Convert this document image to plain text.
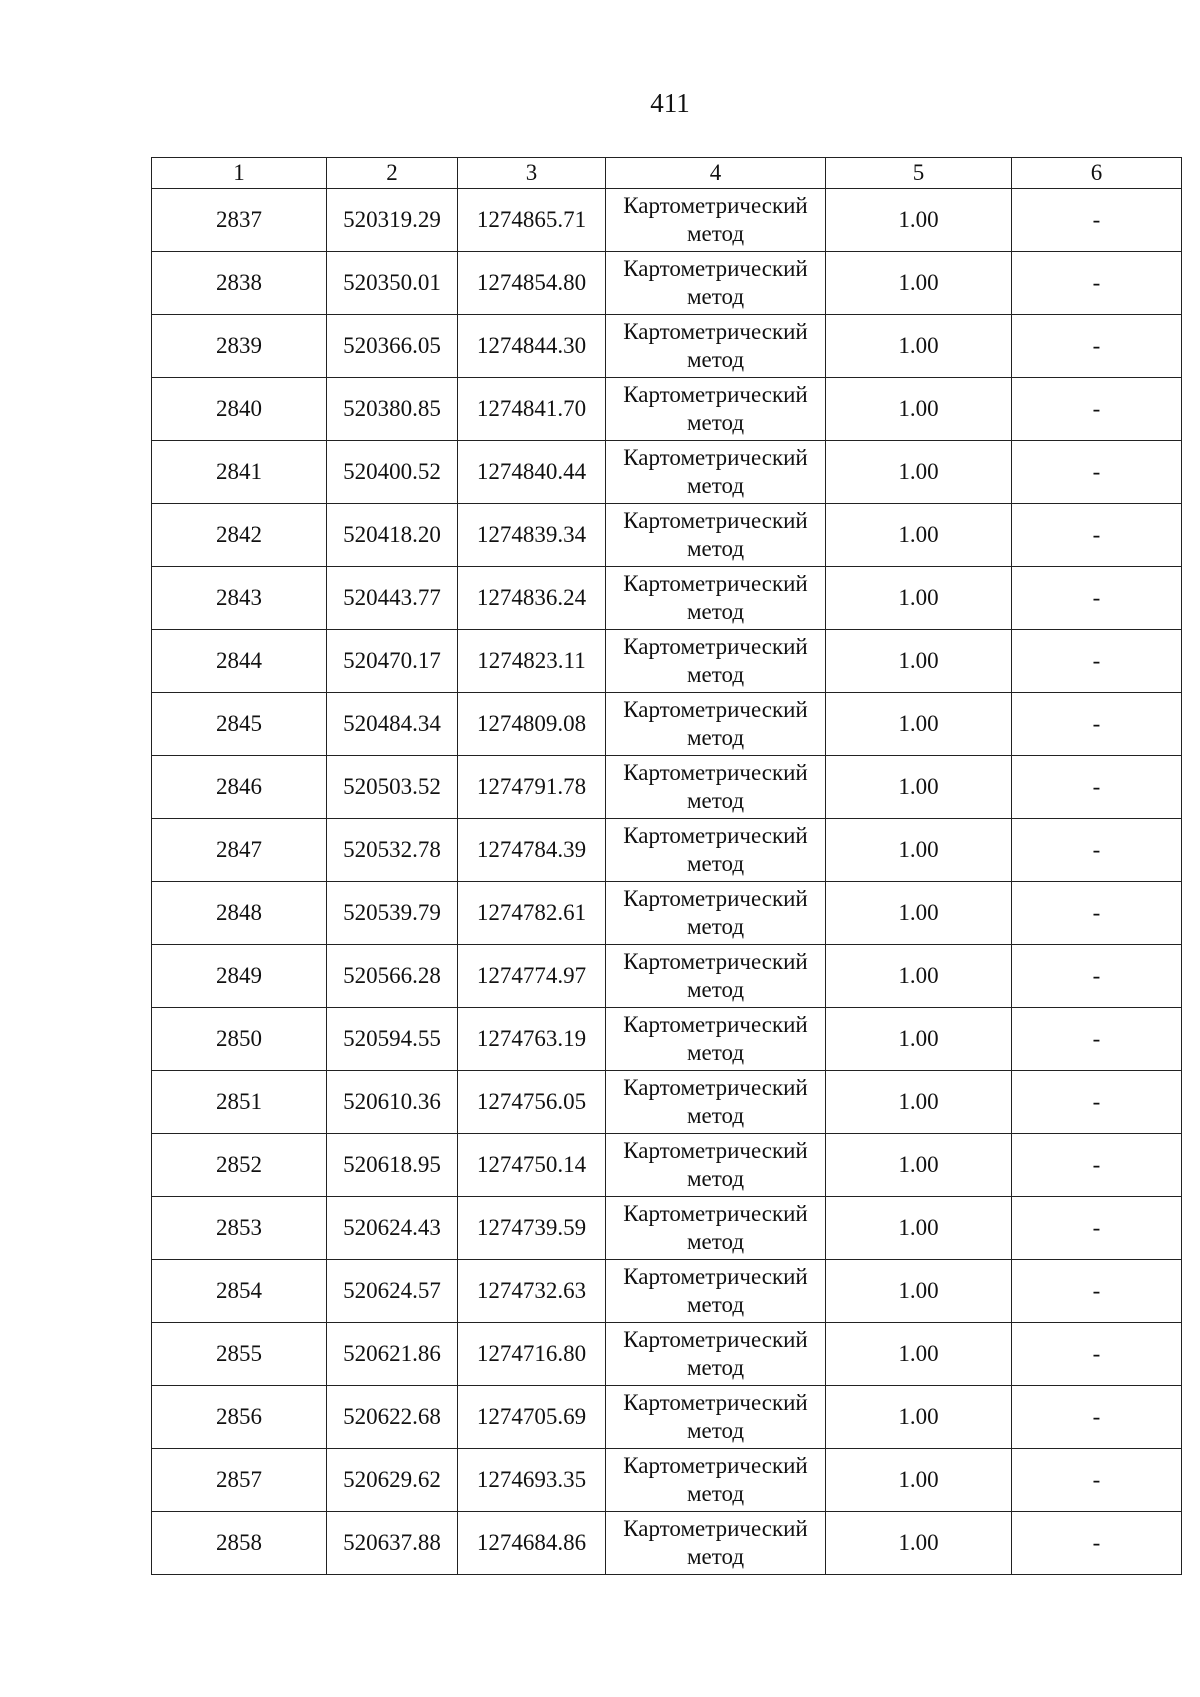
411
1	2	3	4	5	6
2837	520319.29	1274865.71	Картометрический метод	1.00	-
2838	520350.01	1274854.80	Картометрический метод	1.00	-
2839	520366.05	1274844.30	Картометрический метод	1.00	-
2840	520380.85	1274841.70	Картометрический метод	1.00	-
2841	520400.52	1274840.44	Картометрический метод	1.00	-
2842	520418.20	1274839.34	Картометрический метод	1.00	-
2843	520443.77	1274836.24	Картометрический метод	1.00	-
2844	520470.17	1274823.11	Картометрический метод	1.00	-
2845	520484.34	1274809.08	Картометрический метод	1.00	-
2846	520503.52	1274791.78	Картометрический метод	1.00	-
2847	520532.78	1274784.39	Картометрический метод	1.00	-
2848	520539.79	1274782.61	Картометрический метод	1.00	-
2849	520566.28	1274774.97	Картометрический метод	1.00	-
2850	520594.55	1274763.19	Картометрический метод	1.00	-
2851	520610.36	1274756.05	Картометрический метод	1.00	-
2852	520618.95	1274750.14	Картометрический метод	1.00	-
2853	520624.43	1274739.59	Картометрический метод	1.00	-
2854	520624.57	1274732.63	Картометрический метод	1.00	-
2855	520621.86	1274716.80	Картометрический метод	1.00	-
2856	520622.68	1274705.69	Картометрический метод	1.00	-
2857	520629.62	1274693.35	Картометрический метод	1.00	-
2858	520637.88	1274684.86	Картометрический метод	1.00	-
